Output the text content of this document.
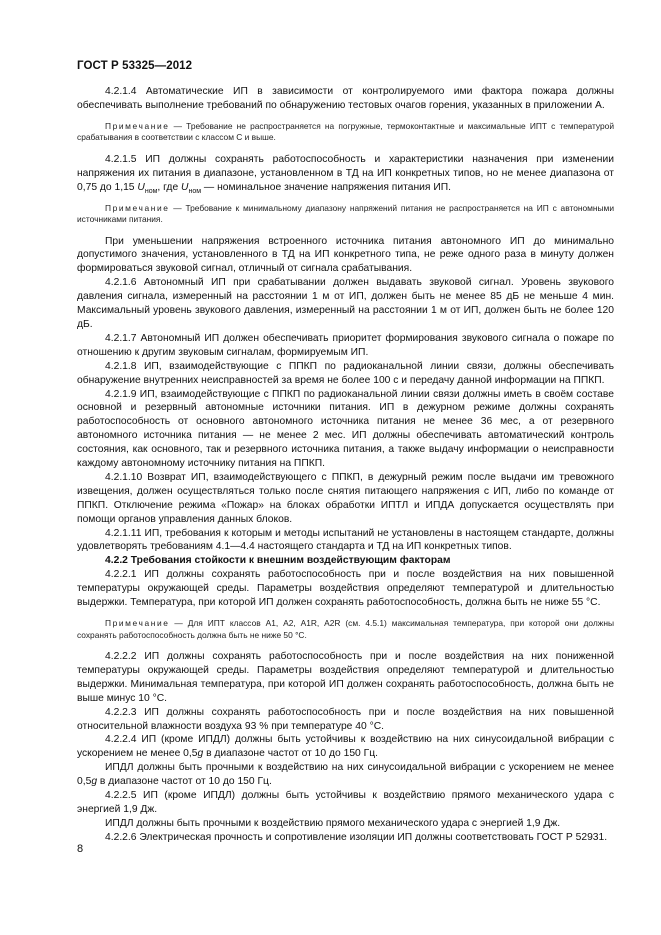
ГОСТ Р 53325—2012

4.2.1.4 Автоматические ИП в зависимости от контролируемого ими фактора пожара должны обеспечивать выполнение требований по обнаружению тестовых очагов горения, указанных в приложении А.

Примечание — Требование не распространяется на погружные, термоконтактные и максимальные ИПТ с температурой срабатывания в соответствии с классом С и выше.

4.2.1.5 ИП должны сохранять работоспособность и характеристики назначения при изменении напряжения их питания в диапазоне, установленном в ТД на ИП конкретных типов, но не менее диапазона от 0,75 до 1,15 $U_{ном}$, где $U_{ном}$ — номинальное значение напряжения питания ИП.

Примечание — Требование к минимальному диапазону напряжений питания не распространяется на ИП с автономными источниками питания.

При уменьшении напряжения встроенного источника питания автономного ИП до минимально допустимого значения, установленного в ТД на ИП конкретного типа, не реже одного раза в минуту должен формироваться звуковой сигнал, отличный от сигнала срабатывания.

4.2.1.6 Автономный ИП при срабатывании должен выдавать звуковой сигнал. Уровень звукового давления сигнала, измеренный на расстоянии 1 м от ИП, должен быть не менее 85 дБ не меньше 4 мин. Максимальный уровень звукового давления, измеренный на расстоянии 1 м от ИП, должен быть не более 120 дБ.

4.2.1.7 Автономный ИП должен обеспечивать приоритет формирования звукового сигнала о пожаре по отношению к другим звуковым сигналам, формируемым ИП.

4.2.1.8 ИП, взаимодействующие с ППКП по радиоканальной линии связи, должны обеспечивать обнаружение внутренних неисправностей за время не более 100 с и передачу данной информации на ППКП.

4.2.1.9 ИП, взаимодействующие с ППКП по радиоканальной линии связи должны иметь в своём составе основной и резервный автономные источники питания. ИП в дежурном режиме должны сохранять работоспособность от основного автономного источника питания не менее 36 мес, а от резервного автономного источника питания — не менее 2 мес. ИП должны обеспечивать автоматический контроль состояния, как основного, так и резервного источника питания, а также выдачу информации о неисправности каждому автономному источнику питания на ППКП.

4.2.1.10 Возврат ИП, взаимодействующего с ППКП, в дежурный режим после выдачи им тревожного извещения, должен осуществляться только после снятия питающего напряжения с ИП, либо по команде от ППКП. Отключение режима «Пожар» на блоках обработки ИПТЛ и ИПДА допускается осуществлять при помощи органов управления данных блоков.

4.2.1.11 ИП, требования к которым и методы испытаний не установлены в настоящем стандарте, должны удовлетворять требованиям 4.1—4.4 настоящего стандарта и ТД на ИП конкретных типов.

4.2.2 Требования стойкости к внешним воздействующим факторам

4.2.2.1 ИП должны сохранять работоспособность при и после воздействия на них повышенной температуры окружающей среды. Параметры воздействия определяют температурой и длительностью выдержки. Температура, при которой ИП должен сохранять работоспособность, должна быть не ниже 55 °С.

Примечание — Для ИПТ классов А1, А2, А1R, А2R (см. 4.5.1) максимальная температура, при которой они должны сохранять работоспособность должна быть не ниже 50 °С.

4.2.2.2 ИП должны сохранять работоспособность при и после воздействия на них пониженной температуры окружающей среды. Параметры воздействия определяют температурой и длительностью выдержки. Минимальная температура, при которой ИП должен сохранять работоспособность, должна быть не выше минус 10 °С.

4.2.2.3 ИП должны сохранять работоспособность при и после воздействия на них повышенной относительной влажности воздуха 93 % при температуре 40 °С.

4.2.2.4 ИП (кроме ИПДЛ) должны быть устойчивы к воздействию на них синусоидальной вибрации с ускорением не менее 0,5g в диапазоне частот от 10 до 150 Гц.

ИПДЛ должны быть прочными к воздействию на них синусоидальной вибрации с ускорением не менее 0,5g в диапазоне частот от 10 до 150 Гц.

4.2.2.5 ИП (кроме ИПДЛ) должны быть устойчивы к воздействию прямого механического удара с энергией 1,9 Дж.

ИПДЛ должны быть прочными к воздействию прямого механического удара с энергией 1,9 Дж.

4.2.2.6 Электрическая прочность и сопротивление изоляции ИП должны соответствовать ГОСТ Р 52931.

8
